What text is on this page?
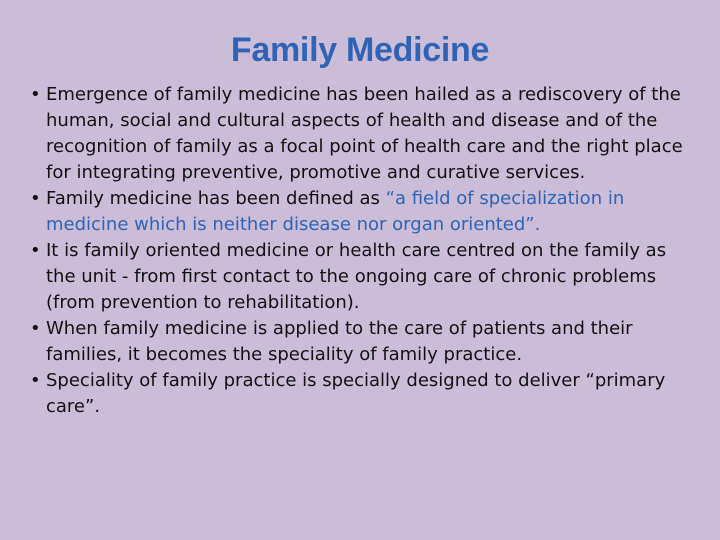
Family Medicine
• Emergence of family medicine has been hailed as a rediscovery of the human, social and cultural aspects of health and disease and of the recognition of family as a focal point of health care and the right place for integrating preventive, promotive and curative services.
• Family medicine has been defined as “a field of specialization in medicine which is neither disease nor organ oriented”.
• It is family oriented medicine or health care centred on the family as the unit - from first contact to the ongoing care of chronic problems (from prevention to rehabilitation).
• When family medicine is applied to the care of patients and their families, it becomes the speciality of family practice.
• Speciality of family practice is specially designed to deliver “primary care”.
